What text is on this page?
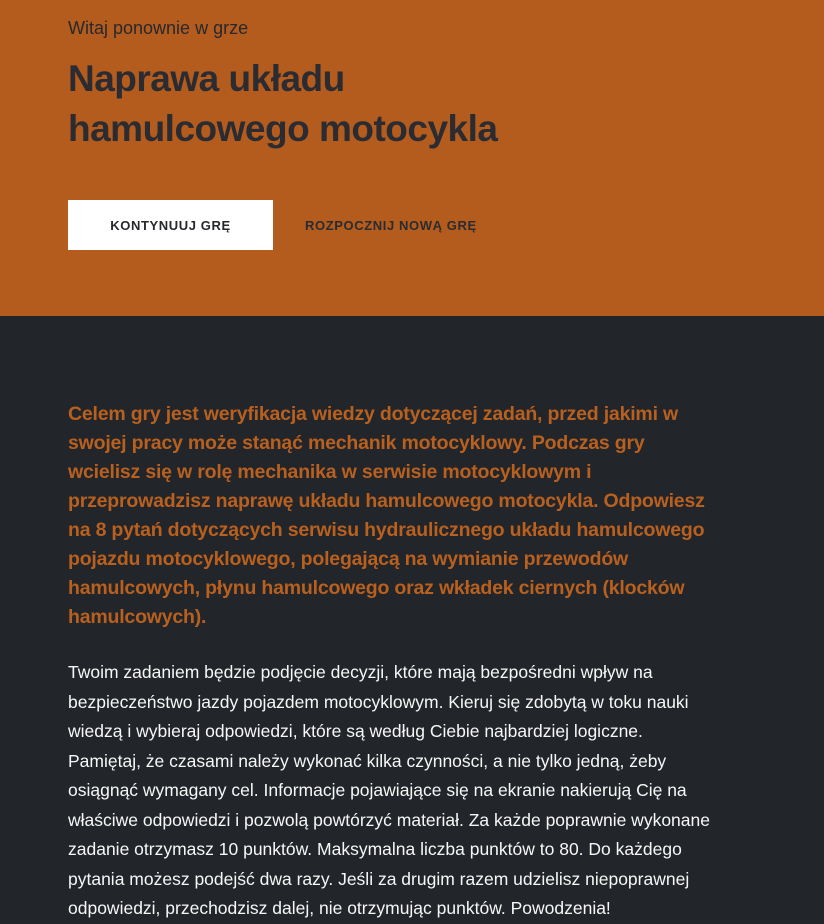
Witaj ponownie w grze

Naprawa układu hamulcowego motocykla
KONTYNUUJ GRĘ	ROZPOCZNIJ NOWĄ GRĘ

Celem gry jest weryfikacja wiedzy dotyczącej zadań, przed jakimi w swojej pracy może stanąć mechanik motocyklowy. Podczas gry wcielisz się w rolę mechanika w serwisie motocyklowym i przeprowadzisz naprawę układu hamulcowego motocykla. Odpowiesz na 8 pytań dotyczących serwisu hydraulicznego układu hamulcowego pojazdu motocyklowego, polegającą na wymianie przewodów hamulcowych, płynu hamulcowego oraz wkładek ciernych (klocków hamulcowych).

Twoim zadaniem będzie podjęcie decyzji, które mają bezpośredni wpływ na bezpieczeństwo jazdy pojazdem motocyklowym. Kieruj się zdobytą w toku nauki wiedzą i wybieraj odpowiedzi, które są według Ciebie najbardziej logiczne. Pamiętaj, że czasami należy wykonać kilka czynności, a nie tylko jedną, żeby osiągnąć wymagany cel. Informacje pojawiające się na ekranie nakierują Cię na właściwe odpowiedzi i pozwolą powtórzyć materiał. Za każde poprawnie wykonane zadanie otrzymasz 10 punktów. Maksymalna liczba punktów to 80. Do każdego pytania możesz podejść dwa razy. Jeśli za drugim razem udzielisz niepoprawnej odpowiedzi, przechodzisz dalej, nie otrzymując punktów. Powodzenia!
